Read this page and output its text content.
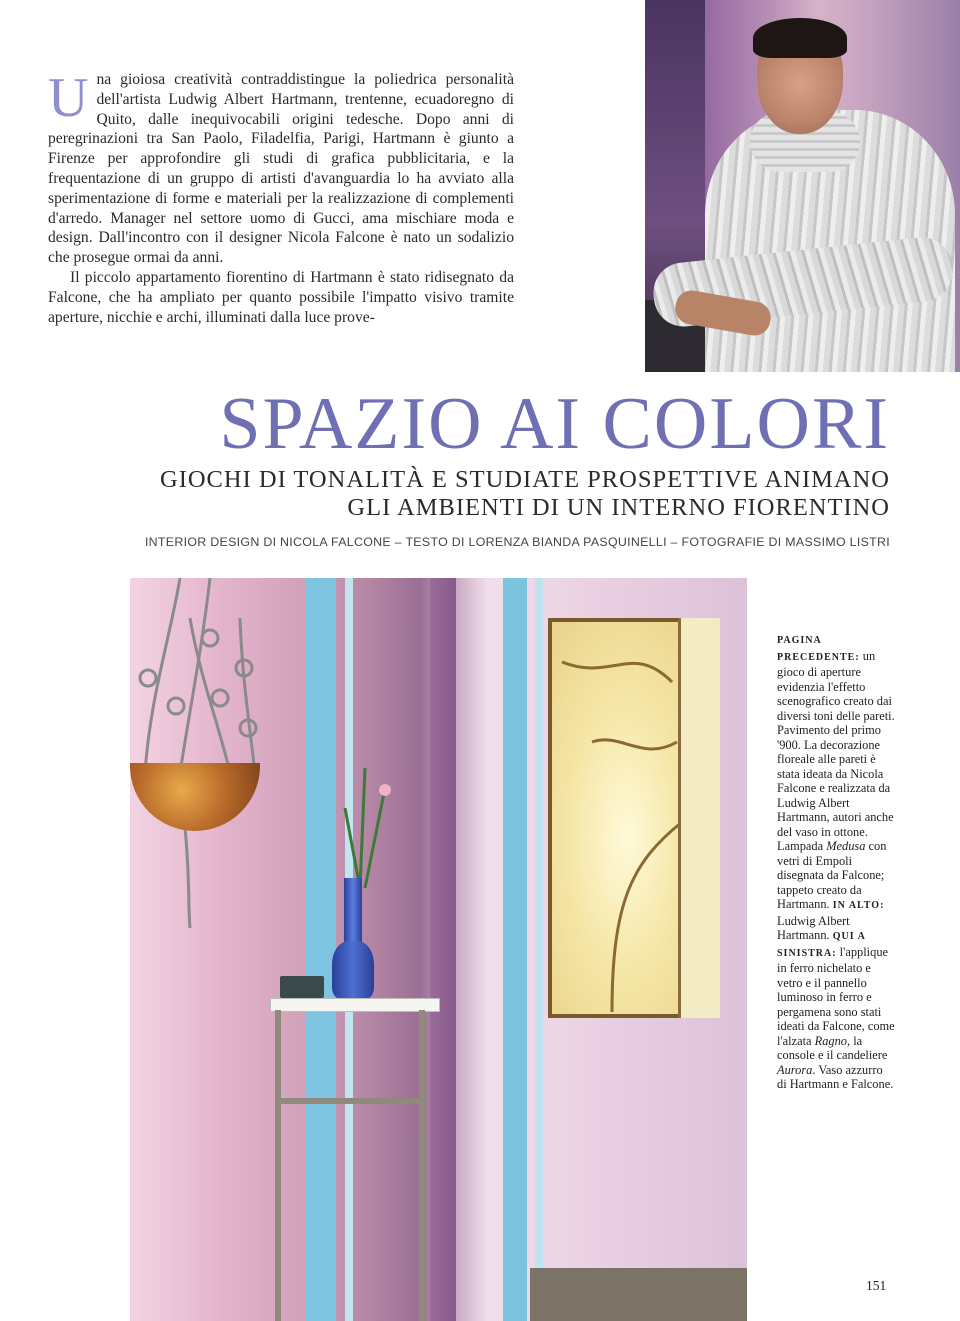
Una gioiosa creatività contraddistingue la poliedrica personalità dell'artista Ludwig Albert Hartmann, trentenne, ecuadoregno di Quito, dalle inequivocabili origini tedesche. Dopo anni di peregrinazioni tra San Paolo, Filadelfia, Parigi, Hartmann è giunto a Firenze per approfondire gli studi di grafica pubblicitaria, e la frequentazione di un gruppo di artisti d'avanguardia lo ha avviato alla sperimentazione di forme e materiali per la realizzazione di complementi d'arredo. Manager nel settore uomo di Gucci, ama mischiare moda e design. Dall'incontro con il designer Nicola Falcone è nato un sodalizio che prosegue ormai da anni.

Il piccolo appartamento fiorentino di Hartmann è stato ridisegnato da Falcone, che ha ampliato per quanto possibile l'impatto visivo tramite aperture, nicchie e archi, illuminati dalla luce prove-

SPAZIO AI COLORI
GIOCHI DI TONALITÀ E STUDIATE PROSPETTIVE ANIMANO
GLI AMBIENTI DI UN INTERNO FIORENTINO

INTERIOR DESIGN DI NICOLA FALCONE – TESTO DI LORENZA BIANDA PASQUINELLI – FOTOGRAFIE DI MASSIMO LISTRI

PAGINA PRECEDENTE: un gioco di aperture evidenzia l'effetto scenografico creato dai diversi toni delle pareti. Pavimento del primo '900. La decorazione floreale alle pareti è stata ideata da Nicola Falcone e realizzata da Ludwig Albert Hartmann, autori anche del vaso in ottone. Lampada Medusa con vetri di Empoli disegnata da Falcone; tappeto creato da Hartmann. IN ALTO: Ludwig Albert Hartmann. QUI A SINISTRA: l'applique in ferro nichelato e vetro e il pannello luminoso in ferro e pergamena sono stati ideati da Falcone, come l'alzata Ragno, la console e il candeliere Aurora. Vaso azzurro di Hartmann e Falcone.

151
